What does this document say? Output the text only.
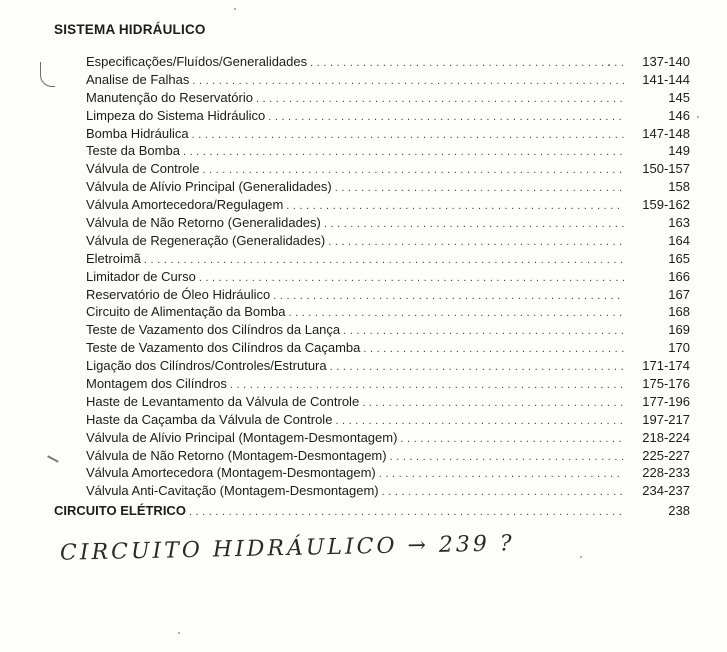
SISTEMA HIDRÁULICO
Especificações/Fluídos/Generalidades . . .	137-140
Analise de Falhas . . .	141-144
Manutenção do Reservatório . . .	145
Limpeza do Sistema Hidráulico . . .	146
Bomba Hidráulica . . .	147-148
Teste da Bomba . . .	149
Válvula de Controle . . .	150-157
Válvula de Alívio Principal (Generalidades) . . .	158
Válvula Amortecedora/Regulagem . . .	159-162
Válvula de Não Retorno (Generalidades) . . .	163
Válvula de Regeneração (Generalidades) . . .	164
Eletroimã . . .	165
Limitador de Curso . . .	166
Reservatório de Óleo Hidráulico . . .	167
Circuito de Alimentação da Bomba . . .	168
Teste de Vazamento dos Cilíndros da Lança . . .	169
Teste de Vazamento dos Cilíndros da Caçamba . . .	170
Ligação dos Cilíndros/Controles/Estrutura . . .	171-174
Montagem dos Cilíndros . . .	175-176
Haste de Levantamento da Válvula de Controle . . .	177-196
Haste da Caçamba da Válvula de Controle . . .	197-217
Válvula de Alívio Principal (Montagem-Desmontagem) . . .	218-224
Válvula de Não Retorno (Montagem-Desmontagem) . . .	225-227
Válvula Amortecedora (Montagem-Desmontagem) . . .	228-233
Válvula Anti-Cavitação (Montagem-Desmontagem) . . .	234-237
CIRCUITO ELÉTRICO . . .	238
CIRCUITO HIDRÁULICO → 239 ?
